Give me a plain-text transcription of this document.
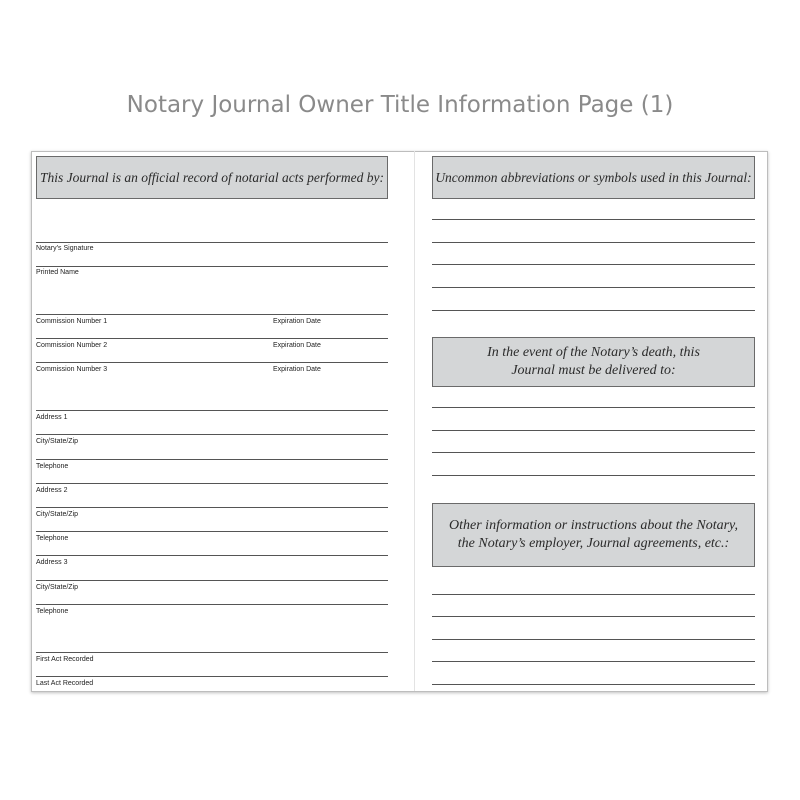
Notary Journal Owner Title Information Page (1)
This Journal is an official record of notarial acts performed by:
Notary’s Signature
Printed Name
Commission Number 1	Expiration Date
Commission Number 2	Expiration Date
Commission Number 3	Expiration Date
Address 1
City/State/Zip
Telephone
Address 2
City/State/Zip
Telephone
Address 3
City/State/Zip
Telephone
First Act Recorded
Last Act Recorded
Uncommon abbreviations or symbols used in this Journal:
In the event of the Notary’s death, this
Journal must be delivered to:
Other information or instructions about the Notary,
the Notary’s employer, Journal agreements, etc.:
